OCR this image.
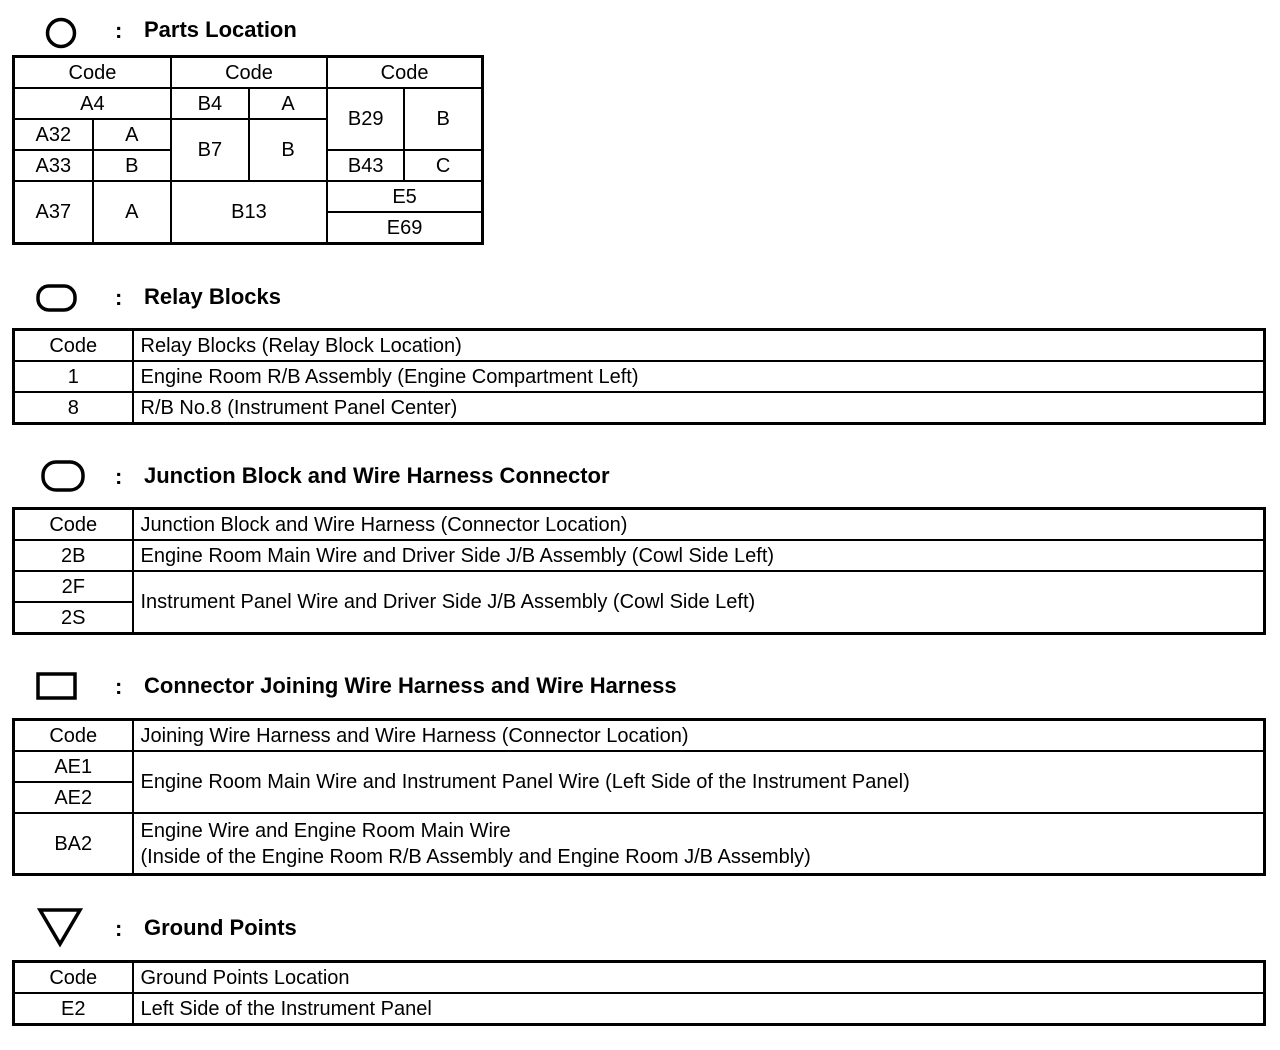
: Parts Location
Code		Code		Code	
A4		B4	A	B29	B
A32	A	B7	B		
A33	B			B43	C
A37	A	B13		E5	
				E69	
: Relay Blocks
Code	Relay Blocks (Relay Block Location)
1	Engine Room R/B Assembly (Engine Compartment Left)
8	R/B No.8 (Instrument Panel Center)
: Junction Block and Wire Harness Connector
Code	Junction Block and Wire Harness (Connector Location)
2B	Engine Room Main Wire and Driver Side J/B Assembly (Cowl Side Left)
2F	Instrument Panel Wire and Driver Side J/B Assembly (Cowl Side Left)
2S	
: Connector Joining Wire Harness and Wire Harness
Code	Joining Wire Harness and Wire Harness (Connector Location)
AE1	Engine Room Main Wire and Instrument Panel Wire (Left Side of the Instrument Panel)
AE2	
BA2	Engine Wire and Engine Room Main Wire
(Inside of the Engine Room R/B Assembly and Engine Room J/B Assembly)
: Ground Points
Code	Ground Points Location
E2	Left Side of the Instrument Panel
